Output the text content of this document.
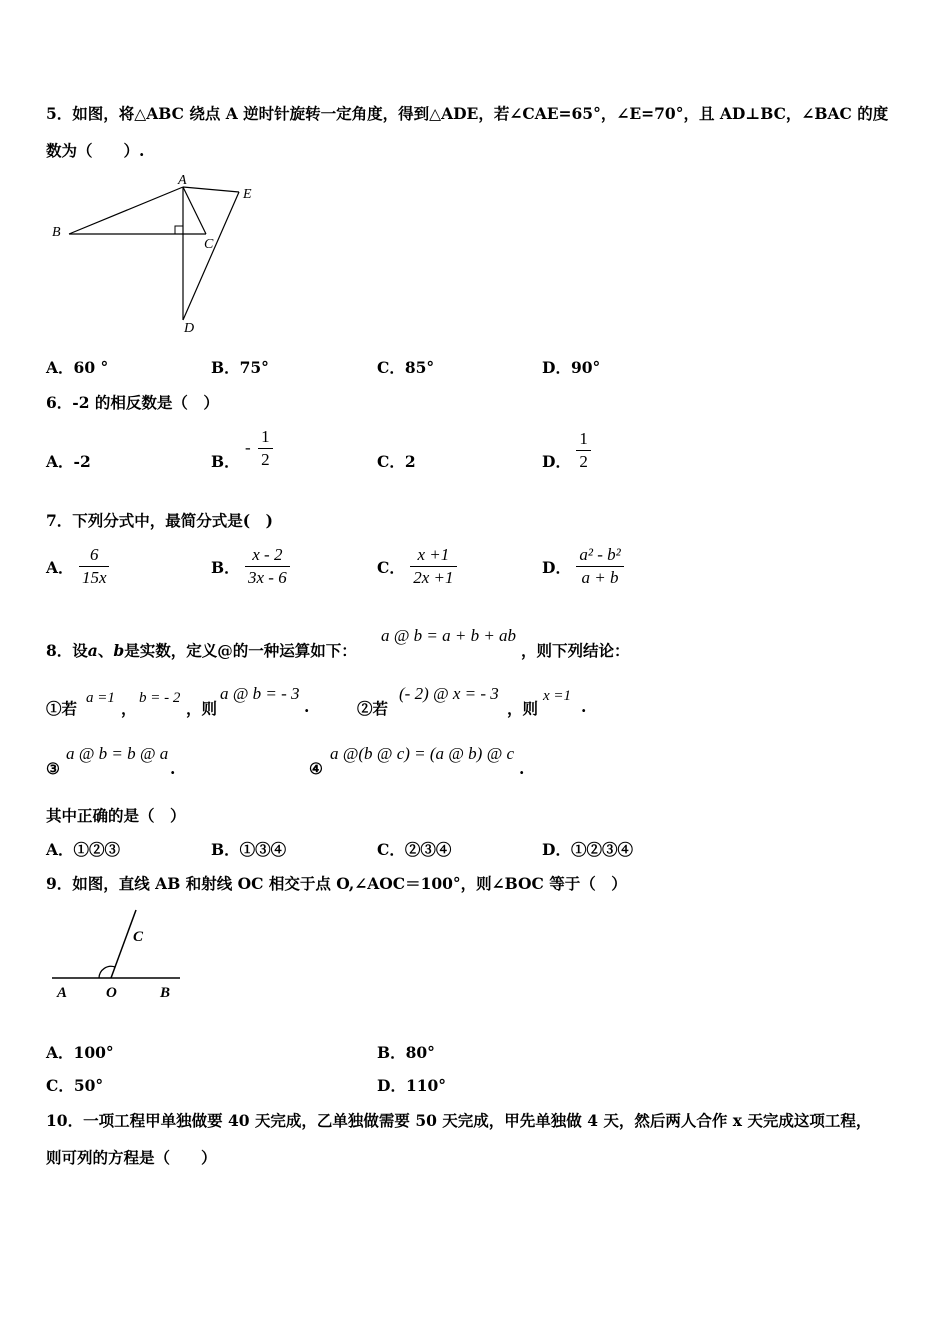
5．如图，将△ABC 绕点 A 逆时针旋转一定角度，得到△ADE，若∠CAE=65°，∠E=70°，且 AD⊥BC，∠BAC 的度
数为（　　）.
A
B
C
D
E
A．60 °	B．75°	C．85°	D．90°
6．-2 的相反数是（　）
A．-2	B． - $\frac{1}{2}$	C．2	D． $\frac{1}{2}$
7．下列分式中，最简分式是(　)
A． $\frac{6}{15x}$	B． $\frac{x - 2}{3x - 6}$	C． $\frac{x +1}{2x +1}$	D． $\frac{\text{a² - b²}}{a + b}$
8．设a、b是实数，定义@的一种运算如下：
a @ b = a + b + ab
，则下列结论：
①若
a =1
，
b = - 2
，则
a @ b = - 3
.	②若
(- 2) @ x = - 3
，则
x =1
.
③
a @ b = b @ a
.	④
a @(b @ c) = (a @ b) @ c
.
其中正确的是（　）
A．①②③	B．①③④	C．②③④	D．①②③④
9．如图，直线 AB 和射线 OC 相交于点 O,∠AOC＝100°，则∠BOC 等于（　）
C
A	O	B
A．100°	B．80°
C．50°	D．110°
10．一项工程甲单独做要 40 天完成，乙单独做需要 50 天完成，甲先单独做 4 天，然后两人合作 x 天完成这项工程，
则可列的方程是（　　）
